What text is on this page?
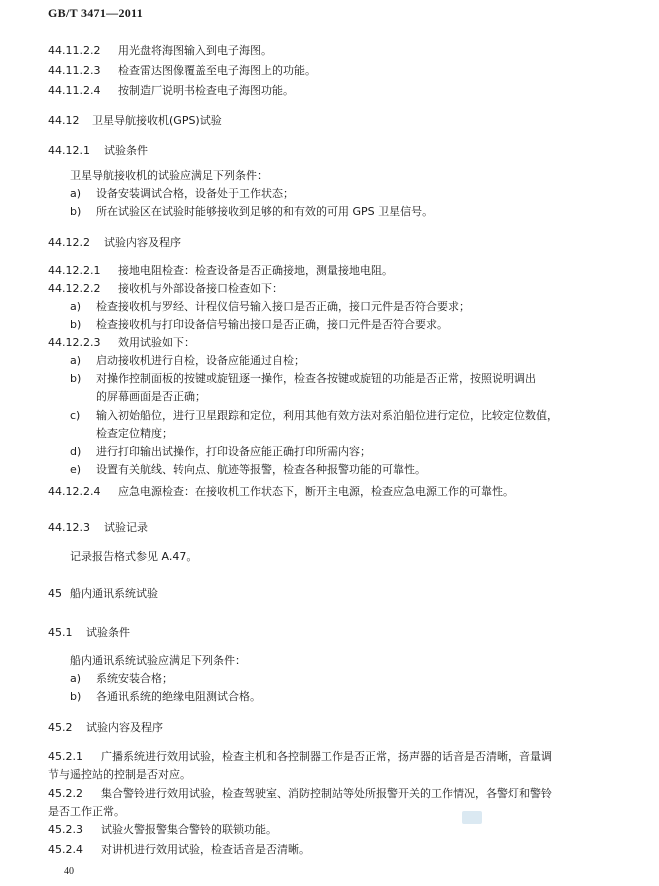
GB/T 3471—2011
44.11.2.2 用光盘将海图输入到电子海图。
44.11.2.3 检查雷达图像覆盖至电子海图上的功能。
44.11.2.4 按制造厂说明书检查电子海图功能。
44.12 卫星导航接收机(GPS)试验
44.12.1 试验条件
卫星导航接收机的试验应满足下列条件：
a) 设备安装调试合格，设备处于工作状态；
b) 所在试验区在试验时能够接收到足够的和有效的可用 GPS 卫星信号。
44.12.2 试验内容及程序
44.12.2.1 接地电阻检查：检查设备是否正确接地，测量接地电阻。
44.12.2.2 接收机与外部设备接口检查如下：
a) 检查接收机与罗经、计程仪信号输入接口是否正确，接口元件是否符合要求；
b) 检查接收机与打印设备信号输出接口是否正确，接口元件是否符合要求。
44.12.2.3 效用试验如下：
a) 启动接收机进行自检，设备应能通过自检；
b) 对操作控制面板的按键或旋钮逐一操作，检查各按键或旋钮的功能是否正常，按照说明调出
的屏幕画面是否正确；
c) 输入初始船位，进行卫星跟踪和定位，利用其他有效方法对系泊船位进行定位，比较定位数值，
检查定位精度；
d) 进行打印输出试操作，打印设备应能正确打印所需内容；
e) 设置有关航线、转向点、航迹等报警，检查各种报警功能的可靠性。
44.12.2.4 应急电源检查：在接收机工作状态下，断开主电源，检查应急电源工作的可靠性。
44.12.3 试验记录
记录报告格式参见 A.47。
45 船内通讯系统试验
45.1 试验条件
船内通讯系统试验应满足下列条件：
a) 系统安装合格；
b) 各通讯系统的绝缘电阻测试合格。
45.2 试验内容及程序
45.2.1 广播系统进行效用试验，检查主机和各控制器工作是否正常，扬声器的话音是否清晰，音量调
节与遥控站的控制是否对应。
45.2.2 集合警铃进行效用试验，检查驾驶室、消防控制站等处所报警开关的工作情况，各警灯和警铃
是否工作正常。
45.2.3 试验火警报警集合警铃的联锁功能。
45.2.4 对讲机进行效用试验，检查话音是否清晰。
40
